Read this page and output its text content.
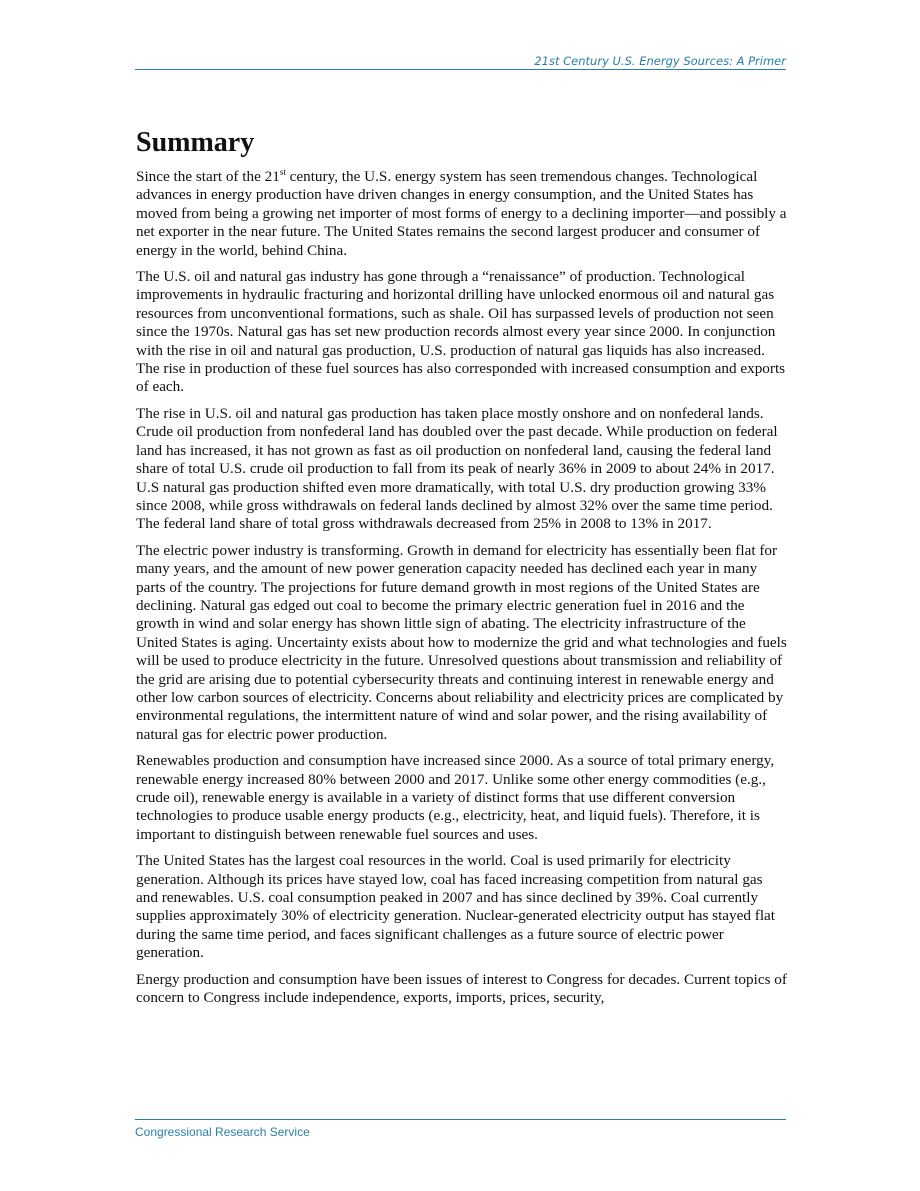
21st Century U.S. Energy Sources: A Primer
Summary

Since the start of the 21st century, the U.S. energy system has seen tremendous changes. Technological advances in energy production have driven changes in energy consumption, and the United States has moved from being a growing net importer of most forms of energy to a declining importer—and possibly a net exporter in the near future. The United States remains the second largest producer and consumer of energy in the world, behind China.

The U.S. oil and natural gas industry has gone through a “renaissance” of production. Technological improvements in hydraulic fracturing and horizontal drilling have unlocked enormous oil and natural gas resources from unconventional formations, such as shale. Oil has surpassed levels of production not seen since the 1970s. Natural gas has set new production records almost every year since 2000. In conjunction with the rise in oil and natural gas production, U.S. production of natural gas liquids has also increased. The rise in production of these fuel sources has also corresponded with increased consumption and exports of each.

The rise in U.S. oil and natural gas production has taken place mostly onshore and on nonfederal lands. Crude oil production from nonfederal land has doubled over the past decade. While production on federal land has increased, it has not grown as fast as oil production on nonfederal land, causing the federal land share of total U.S. crude oil production to fall from its peak of nearly 36% in 2009 to about 24% in 2017. U.S natural gas production shifted even more dramatically, with total U.S. dry production growing 33% since 2008, while gross withdrawals on federal lands declined by almost 32% over the same time period. The federal land share of total gross withdrawals decreased from 25% in 2008 to 13% in 2017.

The electric power industry is transforming. Growth in demand for electricity has essentially been flat for many years, and the amount of new power generation capacity needed has declined each year in many parts of the country. The projections for future demand growth in most regions of the United States are declining. Natural gas edged out coal to become the primary electric generation fuel in 2016 and the growth in wind and solar energy has shown little sign of abating. The electricity infrastructure of the United States is aging. Uncertainty exists about how to modernize the grid and what technologies and fuels will be used to produce electricity in the future. Unresolved questions about transmission and reliability of the grid are arising due to potential cybersecurity threats and continuing interest in renewable energy and other low carbon sources of electricity. Concerns about reliability and electricity prices are complicated by environmental regulations, the intermittent nature of wind and solar power, and the rising availability of natural gas for electric power production.

Renewables production and consumption have increased since 2000. As a source of total primary energy, renewable energy increased 80% between 2000 and 2017. Unlike some other energy commodities (e.g., crude oil), renewable energy is available in a variety of distinct forms that use different conversion technologies to produce usable energy products (e.g., electricity, heat, and liquid fuels). Therefore, it is important to distinguish between renewable fuel sources and uses.

The United States has the largest coal resources in the world. Coal is used primarily for electricity generation. Although its prices have stayed low, coal has faced increasing competition from natural gas and renewables. U.S. coal consumption peaked in 2007 and has since declined by 39%. Coal currently supplies approximately 30% of electricity generation. Nuclear-generated electricity output has stayed flat during the same time period, and faces significant challenges as a future source of electric power generation.

Energy production and consumption have been issues of interest to Congress for decades. Current topics of concern to Congress include independence, exports, imports, prices, security,

Congressional Research Service
